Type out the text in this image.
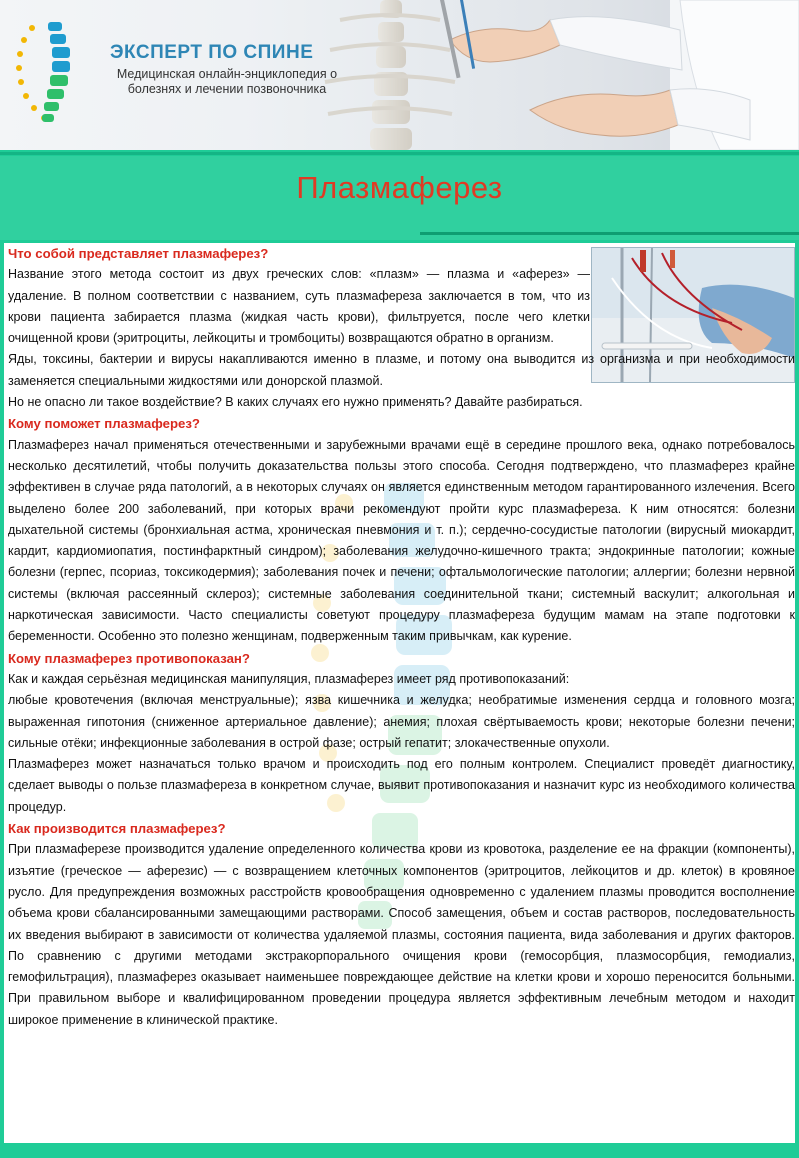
ЭКСПЕРТ ПО СПИНЕ

Медицинская онлайн-энциклопедия о болезнях и лечении позвоночника

Плазмаферез
Что собой представляет плазмаферез?

Название этого метода состоит из двух греческих слов: «плазм» — плазма и «аферез» — удаление. В полном соответствии с названием, суть плазмафереза заключается в том, что из крови пациента забирается плазма (жидкая часть крови), фильтруется, после чего клетки очищенной крови (эритроциты, лейкоциты и тромбоциты) возвращаются обратно в организм.

Яды, токсины, бактерии и вирусы накапливаются именно в плазме, и потому она выводится из организма и при необходимости заменяется специальными жидкостями или донорской плазмой.

Но не опасно ли такое воздействие? В каких случаях его нужно применять? Давайте разбираться.

Кому поможет плазмаферез?

Плазмаферез начал применяться отечественными и зарубежными врачами ещё в середине прошлого века, однако потребовалось несколько десятилетий, чтобы получить доказательства пользы этого способа. Сегодня подтверждено, что плазмаферез крайне эффективен в случае ряда патологий, а в некоторых случаях он является единственным методом гарантированного излечения. Всего выделено более 200 заболеваний, при которых врачи рекомендуют пройти курс плазмафереза. К ним относятся: болезни дыхательной системы (бронхиальная астма, хроническая пневмония и т. п.); сердечно-сосудистые патологии (вирусный миокардит, кардит, кардиомиопатия, постинфарктный синдром); заболевания желудочно-кишечного тракта; эндокринные патологии; кожные болезни (герпес, псориаз, токсикодермия); заболевания почек и печени; офтальмологические патологии; аллергии; болезни нервной системы (включая рассеянный склероз); системные заболевания соединительной ткани; системный васкулит; алкогольная и наркотическая зависимости. Часто специалисты советуют процедуру плазмафереза будущим мамам на этапе подготовки к беременности. Особенно это полезно женщинам, подверженным таким привычкам, как курение.

Кому плазмаферез противопоказан?

Как и каждая серьёзная медицинская манипуляция, плазмаферез имеет ряд противопоказаний:

любые кровотечения (включая менструальные); язва кишечника и желудка; необратимые изменения сердца и головного мозга; выраженная гипотония (сниженное артериальное давление); анемия; плохая свёртываемость крови; некоторые болезни печени; сильные отёки; инфекционные заболевания в острой фазе; острый гепатит; злокачественные опухоли.

Плазмаферез может назначаться только врачом и происходить под его полным контролем. Специалист проведёт диагностику, сделает выводы о пользе плазмафереза в конкретном случае, выявит противопоказания и назначит курс из необходимого количества процедур.

Как производится плазмаферез?

При плазмаферезе производится удаление определенного количества крови из кровотока, разделение ее на фракции (компоненты), изъятие (греческое — аферезис) — с возвращением клеточных компонентов (эритроцитов, лейкоцитов и др. клеток) в кровяное русло. Для предупреждения возможных расстройств кровообращения одновременно с удалением плазмы проводится восполнение объема крови сбалансированными замещающими растворами. Способ замещения, объем и состав растворов, последовательность их введения выбирают в зависимости от количества удаляемой плазмы, состояния пациента, вида заболевания и других факторов. По сравнению с другими методами экстракорпорального очищения крови (гемосорбция, плазмосорбция, гемодиализ, гемофильтрация), плазмаферез оказывает наименьшее повреждающее действие на клетки крови и хорошо переносится больными. При правильном выборе и квалифицированном проведении процедура является эффективным лечебным методом и находит широкое применение в клинической практике.
